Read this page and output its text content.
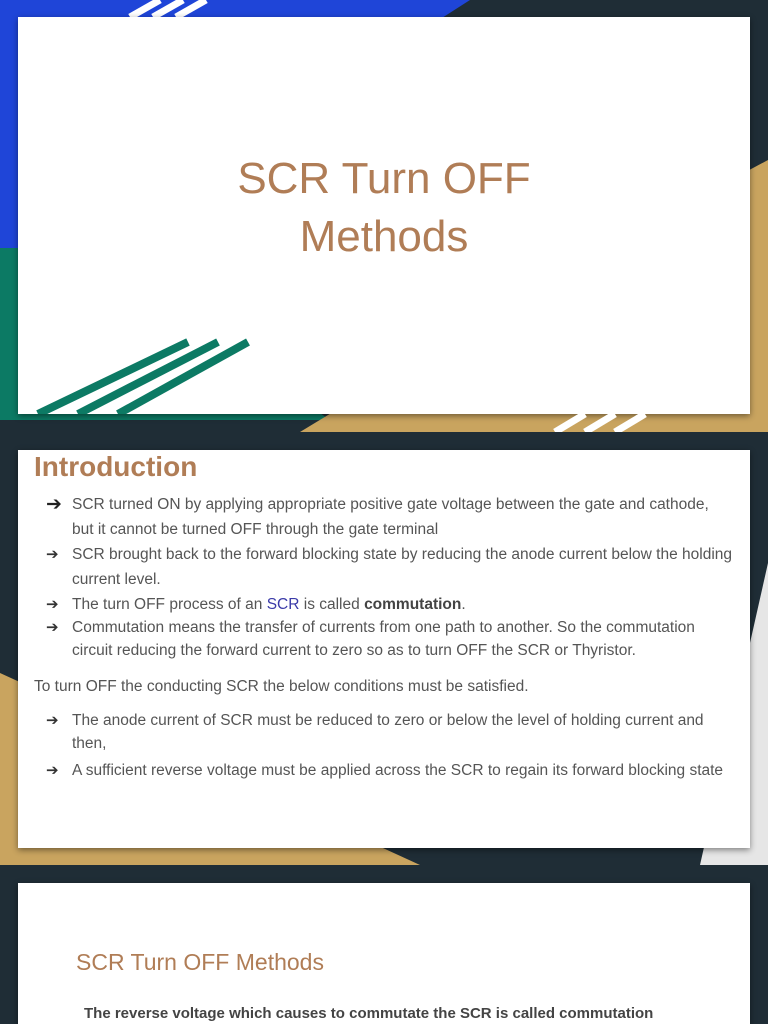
SCR Turn OFF
Methods
Introduction
➔ SCR turned ON by applying appropriate positive gate voltage between the gate and cathode, but it cannot be turned OFF through the gate terminal
➔ SCR brought back to the forward blocking state by reducing the anode current below the holding current level.
➔ The turn OFF process of an SCR is called commutation.
➔ Commutation means the transfer of currents from one path to another. So the commutation circuit reducing the forward current to zero so as to turn OFF the SCR or Thyristor.
To turn OFF the conducting SCR the below conditions must be satisfied.
➔ The anode current of SCR must be reduced to zero or below the level of holding current and then,
➔ A sufficient reverse voltage must be applied across the SCR to regain its forward blocking state
SCR Turn OFF Methods
The reverse voltage which causes to commutate the SCR is called commutation
